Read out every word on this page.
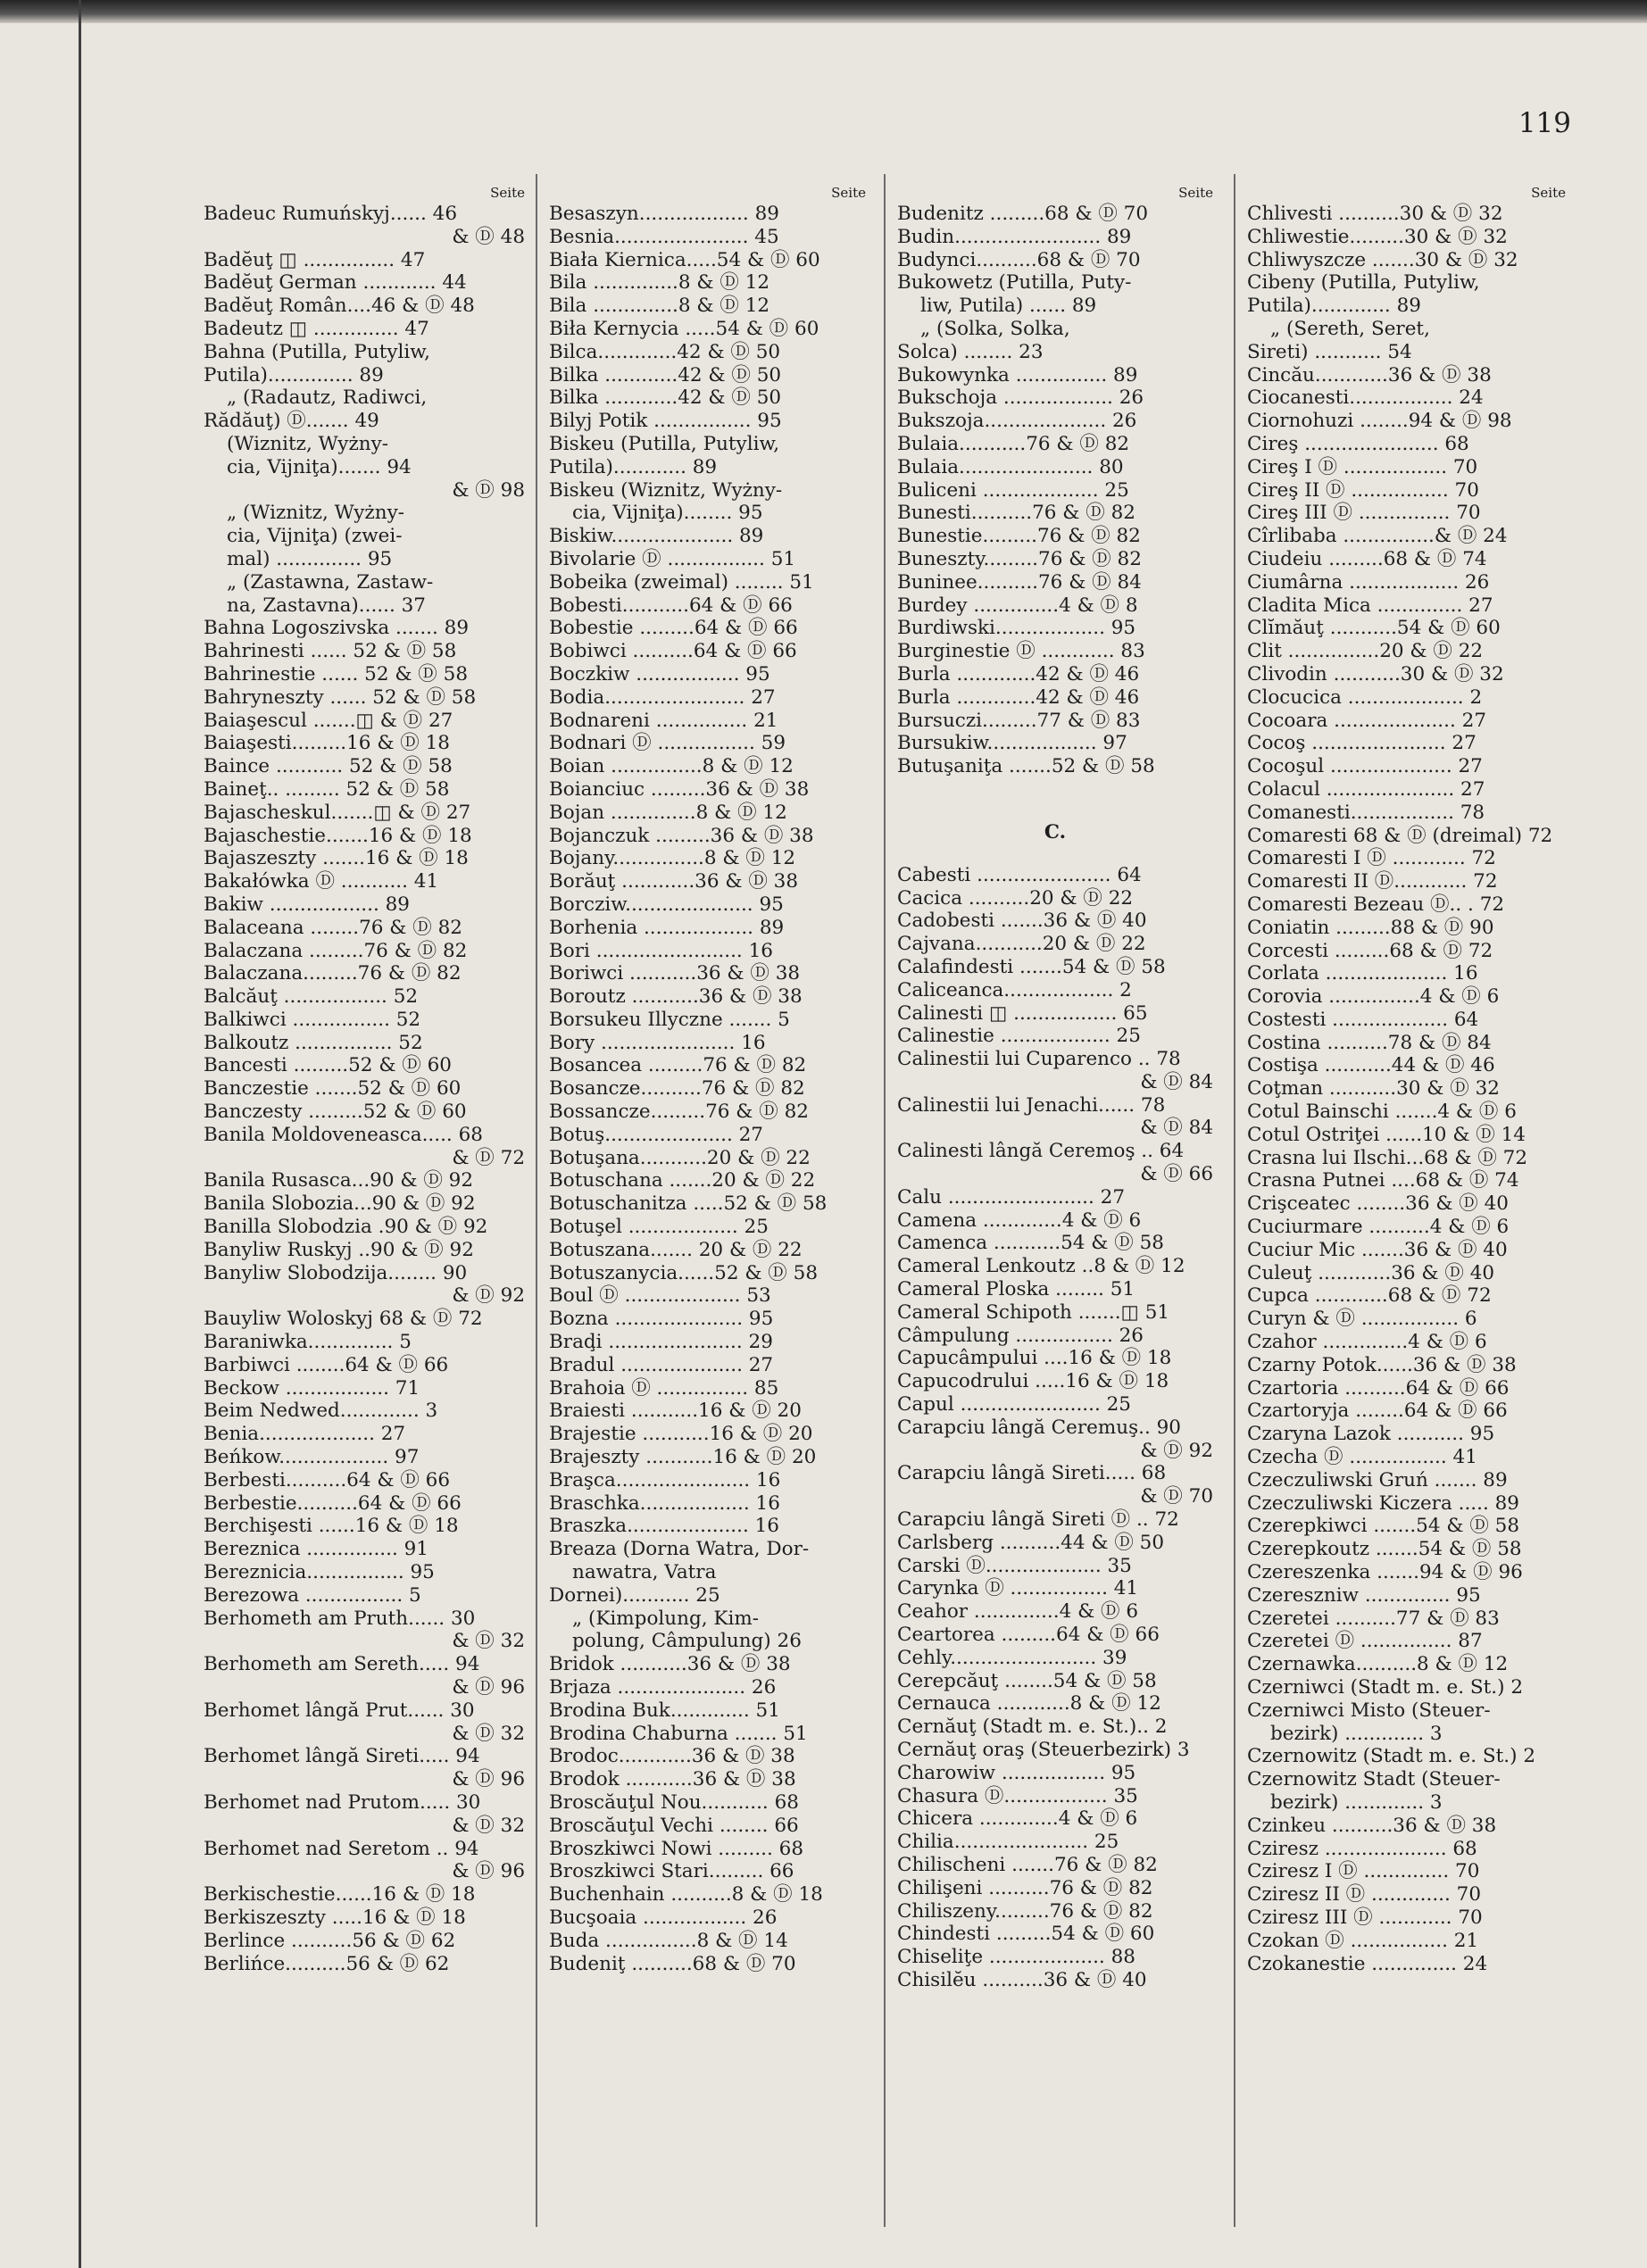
119
Seite
Badeuc Rumuńskyj...... 46
& Ⓓ 48
Badĕuţ ◫ ............... 47
Badĕuţ German ............ 44
Badĕuţ Român....46 & Ⓓ 48
Badeutz ◫ .............. 47
Bahna (Putilla, Putyliw,
Putila).............. 89
„ (Radautz, Radiwci,
Rădăuţ) Ⓓ....... 49
(Wiznitz, Wyżny-
cia, Vijniţa)....... 94
& Ⓓ 98
„ (Wiznitz, Wyżny-
cia, Vijniţa) (zwei-
mal) .............. 95
„ (Zastawna, Zastaw-
na, Zastavna)...... 37
Bahna Logoszivska ....... 89
Bahrinesti ...... 52 & Ⓓ 58
Bahrinestie ...... 52 & Ⓓ 58
Bahryneszty ...... 52 & Ⓓ 58
Baiaşescul .......◫ & Ⓓ 27
Baiaşesti.........16 & Ⓓ 18
Baince ........... 52 & Ⓓ 58
Baineţ.. ......... 52 & Ⓓ 58
Bajascheskul.......◫ & Ⓓ 27
Bajaschestie.......16 & Ⓓ 18
Bajaszeszty .......16 & Ⓓ 18
Bakałówka Ⓓ ........... 41
Bakiw .................. 89
Balaceana ........76 & Ⓓ 82
Balaczana .........76 & Ⓓ 82
Balaczana.........76 & Ⓓ 82
Balcăuţ ................. 52
Balkiwci ................ 52
Balkoutz ................ 52
Bancesti .........52 & Ⓓ 60
Banczestie .......52 & Ⓓ 60
Banczesty .........52 & Ⓓ 60
Banila Moldoveneasca..... 68
& Ⓓ 72
Banila Rusasca...90 & Ⓓ 92
Banila Slobozia...90 & Ⓓ 92
Banilla Slobodzia .90 & Ⓓ 92
Banyliw Ruskyj ..90 & Ⓓ 92
Banyliw Slobodzija........ 90
& Ⓓ 92
Bauyliw Woloskyj 68 & Ⓓ 72
Baraniwka.............. 5
Barbiwci ........64 & Ⓓ 66
Beckow ................. 71
Beim Nedwed............. 3
Benia................... 27
Beńkow.................. 97
Berbesti..........64 & Ⓓ 66
Berbestie..........64 & Ⓓ 66
Berchişesti ......16 & Ⓓ 18
Bereznica ............... 91
Berezniciа................ 95
Berezowa ................ 5
Berhometh am Pruth...... 30
& Ⓓ 32
Berhometh am Sereth..... 94
& Ⓓ 96
Berhomet lângă Prut...... 30
& Ⓓ 32
Berhomet lângă Sireti..... 94
& Ⓓ 96
Berhomet nad Prutom..... 30
& Ⓓ 32
Berhomet nad Seretom .. 94
& Ⓓ 96
Berkischestie......16 & Ⓓ 18
Berkiszeszty .....16 & Ⓓ 18
Berlince ..........56 & Ⓓ 62
Berlińce..........56 & Ⓓ 62
Seite
Besaszyn.................. 89
Besnia...................... 45
Biała Kiernica.....54 & Ⓓ 60
Bila ..............8 & Ⓓ 12
Bila ..............8 & Ⓓ 12
Biła Kernycia .....54 & Ⓓ 60
Bilca.............42 & Ⓓ 50
Bilka ............42 & Ⓓ 50
Bilka ............42 & Ⓓ 50
Bilyj Potik ................ 95
Biskeu (Putilla, Putyliw,
Putila)............ 89
Biskeu (Wiznitz, Wyżny-
cia, Vijniţa)........ 95
Biskiw.................... 89
Bivolarie Ⓓ ................ 51
Bobeika (zweimal) ........ 51
Bobesti...........64 & Ⓓ 66
Bobestie .........64 & Ⓓ 66
Bobiwci ..........64 & Ⓓ 66
Boczkiw ................. 95
Bodia....................... 27
Bodnareni ............... 21
Bodnari Ⓓ ................ 59
Boian ...............8 & Ⓓ 12
Boianciuc .........36 & Ⓓ 38
Bojan ..............8 & Ⓓ 12
Bojanczuk .........36 & Ⓓ 38
Bojany...............8 & Ⓓ 12
Borăuţ ............36 & Ⓓ 38
Borcziw..................... 95
Borhenia .................. 89
Bori ........................ 16
Boriwci ...........36 & Ⓓ 38
Boroutz ...........36 & Ⓓ 38
Borsukeu Illyczne ....... 5
Bory ...................... 16
Bosancea .........76 & Ⓓ 82
Bosancze..........76 & Ⓓ 82
Bossancze.........76 & Ⓓ 82
Botuş..................... 27
Botuşana...........20 & Ⓓ 22
Botuschana .......20 & Ⓓ 22
Botuschanitza .....52 & Ⓓ 58
Botuşel .................. 25
Botuszana....... 20 & Ⓓ 22
Botuszanycia......52 & Ⓓ 58
Boul Ⓓ ................... 53
Bozna ..................... 95
Braḑi ...................... 29
Bradul .................... 27
Brahoia Ⓓ ............... 85
Braiesti ...........16 & Ⓓ 20
Brajestie ...........16 & Ⓓ 20
Brajeszty ...........16 & Ⓓ 20
Braşca...................... 16
Braschka.................. 16
Braszka.................... 16
Breaza (Dorna Watra, Dor-
nawatra, Vatra
Dornei)........... 25
„ (Kimpolung, Kim-
polung, Câmpulung) 26
Bridok ...........36 & Ⓓ 38
Brjaza ..................... 26
Brodina Buk............. 51
Brodina Chaburna ....... 51
Brodoc............36 & Ⓓ 38
Brodok ...........36 & Ⓓ 38
Broscăuţul Nou........... 68
Broscăuţul Vechi ........ 66
Broszkiwci Nowi ......... 68
Broszkiwci Stari......... 66
Buchenhain ..........8 & Ⓓ 18
Bucşoaia ................. 26
Buda ...............8 & Ⓓ 14
Budeniţ ..........68 & Ⓓ 70
Seite
Budenitz .........68 & Ⓓ 70
Budin........................ 89
Budynci..........68 & Ⓓ 70
Bukowetz (Putilla, Puty-
liw, Putila) ...... 89
„ (Solka, Solka,
Solca) ........ 23
Bukowynka ............... 89
Bukschoja .................. 26
Bukszoja.................... 26
Bulaia...........76 & Ⓓ 82
Bulaia...................... 80
Buliceni ................... 25
Bunesti..........76 & Ⓓ 82
Bunestie.........76 & Ⓓ 82
Buneszty.........76 & Ⓓ 82
Buninee..........76 & Ⓓ 84
Burdey ..............4 & Ⓓ 8
Burdiwski.................. 95
Burginestie Ⓓ ............ 83
Burla .............42 & Ⓓ 46
Burla .............42 & Ⓓ 46
Bursuczi.........77 & Ⓓ 83
Bursukiw.................. 97
Butuşaniţa .......52 & Ⓓ 58
C.
Cabesti ...................... 64
Cacica ..........20 & Ⓓ 22
Cadobesti .......36 & Ⓓ 40
Cajvana...........20 & Ⓓ 22
Calafindesti .......54 & Ⓓ 58
Caliceanca.................. 2
Calinesti ◫ ................. 65
Calinestie .................. 25
Calinestii lui Cuparenco .. 78
& Ⓓ 84
Calinestii lui Jenachi...... 78
& Ⓓ 84
Calinesti lângă Ceremoş .. 64
& Ⓓ 66
Calu ........................ 27
Camena .............4 & Ⓓ 6
Camenca ...........54 & Ⓓ 58
Cameral Lenkoutz ..8 & Ⓓ 12
Cameral Ploska ........ 51
Cameral Schipoth .......◫ 51
Câmpulung ................ 26
Capucâmpului ....16 & Ⓓ 18
Capucodrului .....16 & Ⓓ 18
Capul ....................... 25
Carapciu lângă Ceremuş.. 90
& Ⓓ 92
Carapciu lângă Sireti..... 68
& Ⓓ 70
Carapciu lângă Sireti Ⓓ .. 72
Carlsberg ..........44 & Ⓓ 50
Carski Ⓓ................... 35
Carynka Ⓓ ................ 41
Ceahor ..............4 & Ⓓ 6
Ceartorea .........64 & Ⓓ 66
Cehly........................ 39
Cerepcăuţ ........54 & Ⓓ 58
Cernauca ............8 & Ⓓ 12
Cernăuţ (Stadt m. e. St.).. 2
Cernăuţ oraş (Steuerbezirk) 3
Charowiw ................. 95
Chasura Ⓓ................. 35
Chicera .............4 & Ⓓ 6
Chilia...................... 25
Chilischeni .......76 & Ⓓ 82
Chilişeni ..........76 & Ⓓ 82
Chiliszeny.........76 & Ⓓ 82
Chindesti .........54 & Ⓓ 60
Chiseliţe ................... 88
Chisilĕu ..........36 & Ⓓ 40
Seite
Chlivesti ..........30 & Ⓓ 32
Chliwestie.........30 & Ⓓ 32
Chliwyszcze .......30 & Ⓓ 32
Cibeny (Putilla, Putyliw,
Putila)............. 89
„ (Sereth, Seret,
Sireti) ........... 54
Cincău............36 & Ⓓ 38
Ciocanesti................. 24
Ciornohuzi ........94 & Ⓓ 98
Cireş ...................... 68
Cireş I Ⓓ ................. 70
Cireş II Ⓓ ................ 70
Cireş III Ⓓ ............... 70
Cîrlibaba ...............& Ⓓ 24
Ciudeiu .........68 & Ⓓ 74
Ciumârna .................. 26
Cladita Mica .............. 27
Clĭmăuţ ...........54 & Ⓓ 60
Clit ...............20 & Ⓓ 22
Clivodin ...........30 & Ⓓ 32
Clocucica ................... 2
Cocoara .................... 27
Cocoş ...................... 27
Cocoşul .................... 27
Colacul ..................... 27
Comanesti................. 78
Comaresti 68 & Ⓓ (dreimal) 72
Comaresti I Ⓓ ............ 72
Comaresti II Ⓓ............ 72
Comaresti Bezeau Ⓓ.. . 72
Coniatin .........88 & Ⓓ 90
Corcesti .........68 & Ⓓ 72
Corlata .................... 16
Corovia ...............4 & Ⓓ 6
Costesti ................... 64
Costina ..........78 & Ⓓ 84
Costişa ...........44 & Ⓓ 46
Coţman ...........30 & Ⓓ 32
Cotul Bainschi .......4 & Ⓓ 6
Cotul Ostriţei ......10 & Ⓓ 14
Crasna lui Ilschi...68 & Ⓓ 72
Crasna Putnei ....68 & Ⓓ 74
Crişceatec ........36 & Ⓓ 40
Cuciurmare ..........4 & Ⓓ 6
Cuciur Mic .......36 & Ⓓ 40
Culeuţ ............36 & Ⓓ 40
Cupca ............68 & Ⓓ 72
Curyn & Ⓓ ................ 6
Czahor ..............4 & Ⓓ 6
Czarny Potok......36 & Ⓓ 38
Czartoria ..........64 & Ⓓ 66
Czartoryja ........64 & Ⓓ 66
Czaryna Lazok ........... 95
Czecha Ⓓ ................ 41
Czeczuliwski Gruń ....... 89
Czeczuliwski Kiczera ..... 89
Czerepkiwci .......54 & Ⓓ 58
Czerepkoutz .......54 & Ⓓ 58
Czereszenka .......94 & Ⓓ 96
Czeresznіw .............. 95
Czeretei ..........77 & Ⓓ 83
Czeretei Ⓓ ............... 87
Czernawka..........8 & Ⓓ 12
Czerniwci (Stadt m. e. St.) 2
Czerniwci Misto (Steuer-
bezirk) ............. 3
Czernowitz (Stadt m. e. St.) 2
Czernowitz Stadt (Steuer-
bezirk) ............. 3
Czinkeu ..........36 & Ⓓ 38
Cziresz .................... 68
Cziresz I Ⓓ .............. 70
Cziresz II Ⓓ ............. 70
Cziresz III Ⓓ ............ 70
Czokan Ⓓ ................ 21
Czokanestie .............. 24
